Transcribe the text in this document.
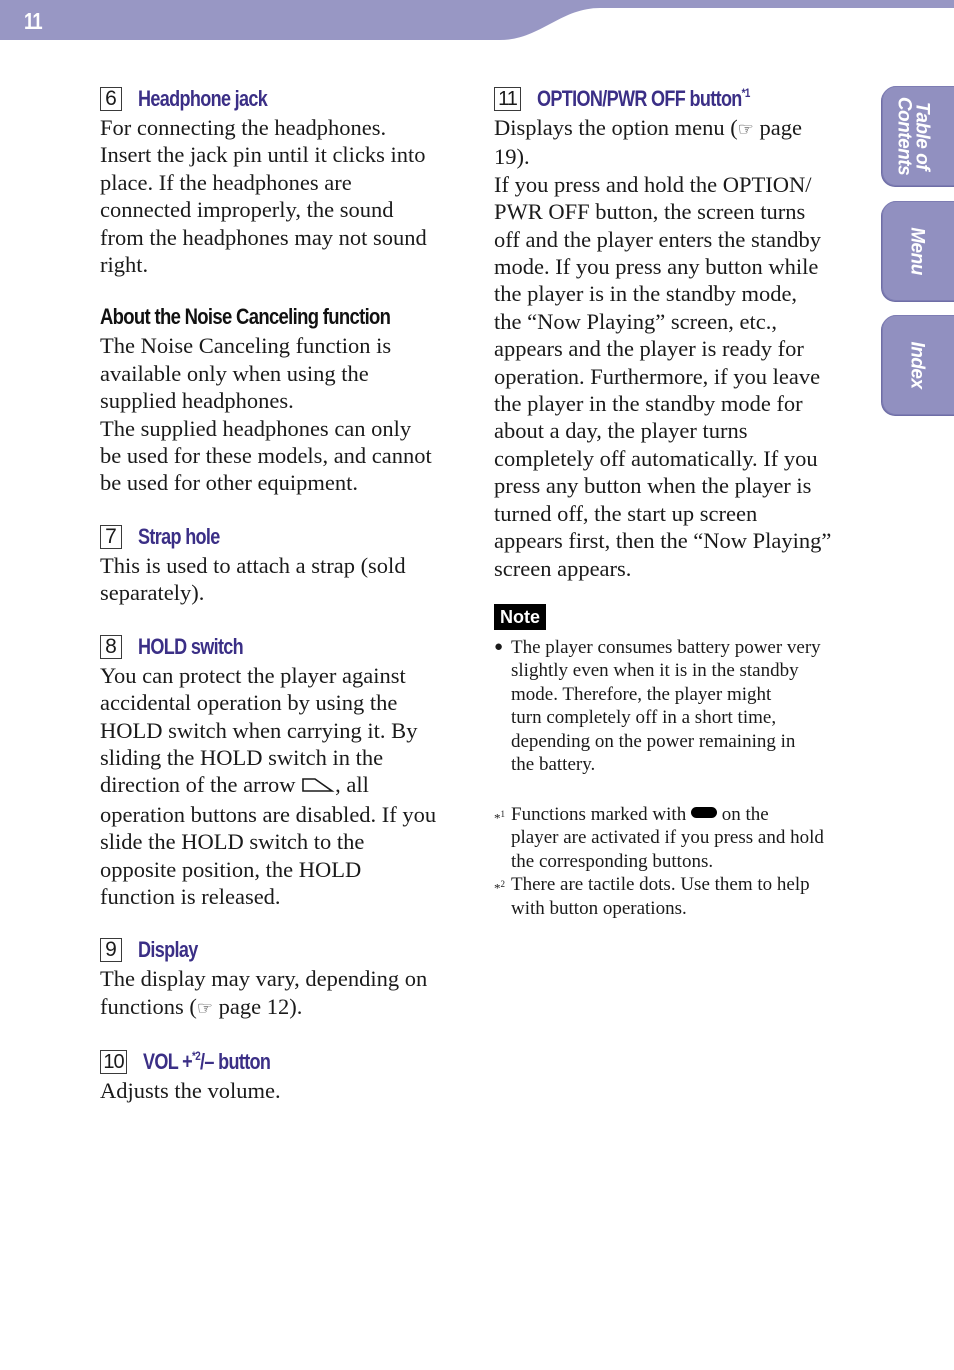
11
Table of
Contents
Menu
Index
6 Headphone jack

For connecting the headphones.
Insert the jack pin until it clicks into
place. If the headphones are
connected improperly, the sound
from the headphones may not sound
right.

About the Noise Canceling function

The Noise Canceling function is
available only when using the
supplied headphones.
The supplied headphones can only
be used for these models, and cannot
be used for other equipment.

7 Strap hole

This is used to attach a strap (sold
separately).

8 HOLD switch

You can protect the player against
accidental operation by using the
HOLD switch when carrying it. By
sliding the HOLD switch in the
direction of the arrow , all
operation buttons are disabled. If you
slide the HOLD switch to the
opposite position, the HOLD
function is released.

9 Display

The display may vary, depending on
functions (☞ page 12).

10 VOL +$^{*2}$/– button

Adjusts the volume.

11 OPTION/PWR OFF button$^{*1}$

Displays the option menu (☞ page
19).
If you press and hold the OPTION/
PWR OFF button, the screen turns
off and the player enters the standby
mode. If you press any button while
the player is in the standby mode,
the “Now Playing” screen, etc.,
appears and the player is ready for
operation. Furthermore, if you leave
the player in the standby mode for
about a day, the player turns
completely off automatically. If you
press any button when the player is
turned off, the start up screen
appears first, then the “Now Playing”
screen appears.

Note
● The player consumes battery power very
slightly even when it is in the standby
mode. Therefore, the player might
turn completely off in a short time,
depending on the power remaining in
the battery.
*$^1$ Functions marked with  on the
player are activated if you press and hold
the corresponding buttons.
*$^2$ There are tactile dots. Use them to help
with button operations.
